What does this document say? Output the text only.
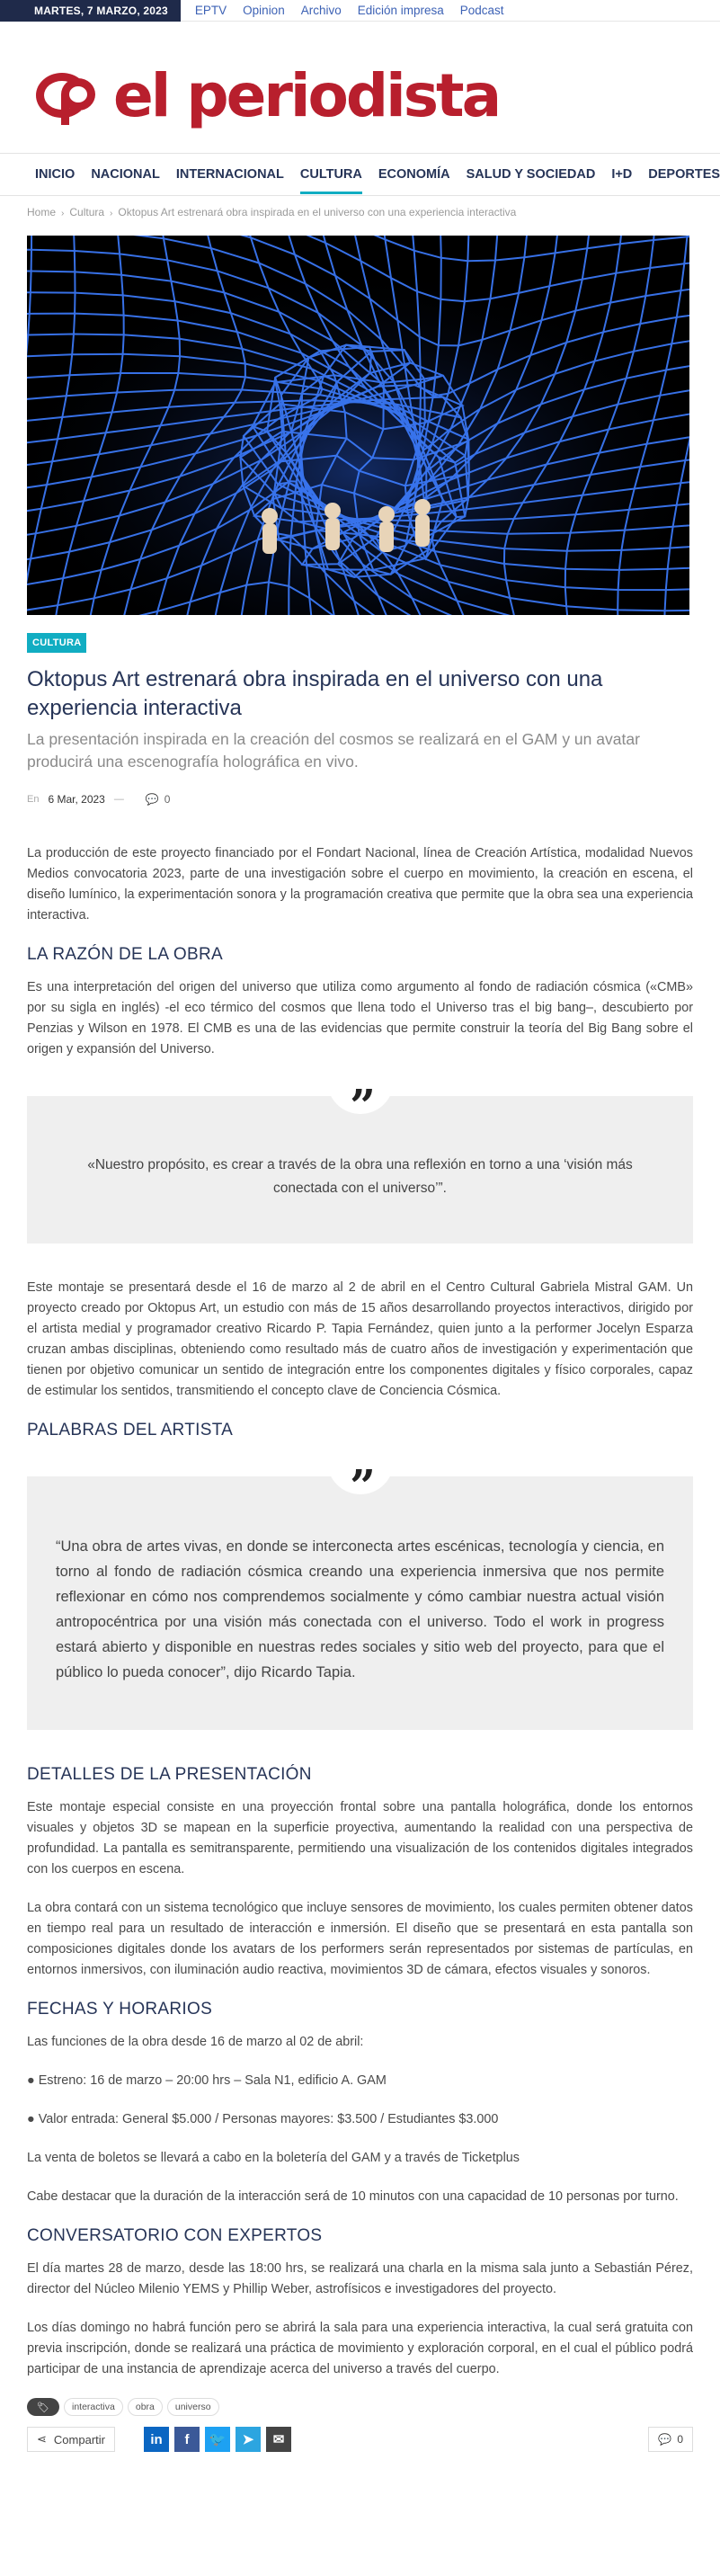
MARTES, 7 MARZO, 2023	EPTV Opinion Archivo Edición impresa Podcast
el periodista
INICIO	NACIONAL	INTERNACIONAL	CULTURA	ECONOMÍA	SALUD Y SOCIEDAD	I+D	DEPORTES
Home › Cultura › Oktopus Art estrenará obra inspirada en el universo con una experiencia interactiva
CULTURA
Oktopus Art estrenará obra inspirada en el universo con una experiencia interactiva
La presentación inspirada en la creación del cosmos se realizará en el GAM y un avatar producirá una escenografía holográfica en vivo.
En 6 Mar, 2023 — 💬 0

La producción de este proyecto financiado por el Fondart Nacional, línea de Creación Artística, modalidad Nuevos Medios convocatoria 2023, parte de una investigación sobre el cuerpo en movimiento, la creación en escena, el diseño lumínico, la experimentación sonora y la programación creativa que permite que la obra sea una experiencia interactiva.

LA RAZÓN DE LA OBRA

Es una interpretación del origen del universo que utiliza como argumento al fondo de radiación cósmica («CMB» por su sigla en inglés) -el eco térmico del cosmos que llena todo el Universo tras el big bang–, descubierto por Penzias y Wilson en 1978. El CMB es una de las evidencias que permite construir la teoría del Big Bang sobre el origen y expansión del Universo.

”
«Nuestro propósito, es crear a través de la obra una reflexión en torno a una ‘visión más conectada con el universo’”.

Este montaje se presentará desde el 16 de marzo al 2 de abril en el Centro Cultural Gabriela Mistral GAM. Un proyecto creado por Oktopus Art, un estudio con más de 15 años desarrollando proyectos interactivos, dirigido por el artista medial y programador creativo Ricardo P. Tapia Fernández, quien junto a la performer Jocelyn Esparza cruzan ambas disciplinas, obteniendo como resultado más de cuatro años de investigación y experimentación que tienen por objetivo comunicar un sentido de integración entre los componentes digitales y físico corporales, capaz de estimular los sentidos, transmitiendo el concepto clave de Conciencia Cósmica.

PALABRAS DEL ARTISTA
”
“Una obra de artes vivas, en donde se interconecta artes escénicas, tecnología y ciencia, en torno al fondo de radiación cósmica creando una experiencia inmersiva que nos permite reflexionar en cómo nos comprendemos socialmente y cómo cambiar nuestra actual visión antropocéntrica por una visión más conectada con el universo. Todo el work in progress estará abierto y disponible en nuestras redes sociales y sitio web del proyecto, para que el público lo pueda conocer”, dijo Ricardo Tapia.
DETALLES DE LA PRESENTACIÓN

Este montaje especial consiste en una proyección frontal sobre una pantalla holográfica, donde los entornos visuales y objetos 3D se mapean en la superficie proyectiva, aumentando la realidad con una perspectiva de profundidad. La pantalla es semitransparente, permitiendo una visualización de los contenidos digitales integrados con los cuerpos en escena.

La obra contará con un sistema tecnológico que incluye sensores de movimiento, los cuales permiten obtener datos en tiempo real para un resultado de interacción e inmersión. El diseño que se presentará en esta pantalla son composiciones digitales donde los avatars de los performers serán representados por sistemas de partículas, en entornos inmersivos, con iluminación audio reactiva, movimientos 3D de cámara, efectos visuales y sonoros.

FECHAS Y HORARIOS

Las funciones de la obra desde 16 de marzo al 02 de abril:

● Estreno: 16 de marzo – 20:00 hrs – Sala N1, edificio A. GAM

● Valor entrada: General $5.000 / Personas mayores: $3.500 / Estudiantes $3.000

La venta de boletos se llevará a cabo en la boletería del GAM y a través de Ticketplus

Cabe destacar que la duración de la interacción será de 10 minutos con una capacidad de 10 personas por turno.

CONVERSATORIO CON EXPERTOS

El día martes 28 de marzo, desde las 18:00 hrs, se realizará una charla en la misma sala junto a Sebastián Pérez, director del Núcleo Milenio YEMS y Phillip Weber, astrofísicos e investigadores del proyecto.

Los días domingo no habrá función pero se abrirá la sala para una experiencia interactiva, la cual será gratuita con previa inscripción, donde se realizará una práctica de movimiento y exploración corporal, en el cual el público podrá participar de una instancia de aprendizaje acerca del universo a través del cuerpo.

🏷	interactiva	obra	universo
⋖ Compartir	in	f	🐦	➤	✉	💬 0
